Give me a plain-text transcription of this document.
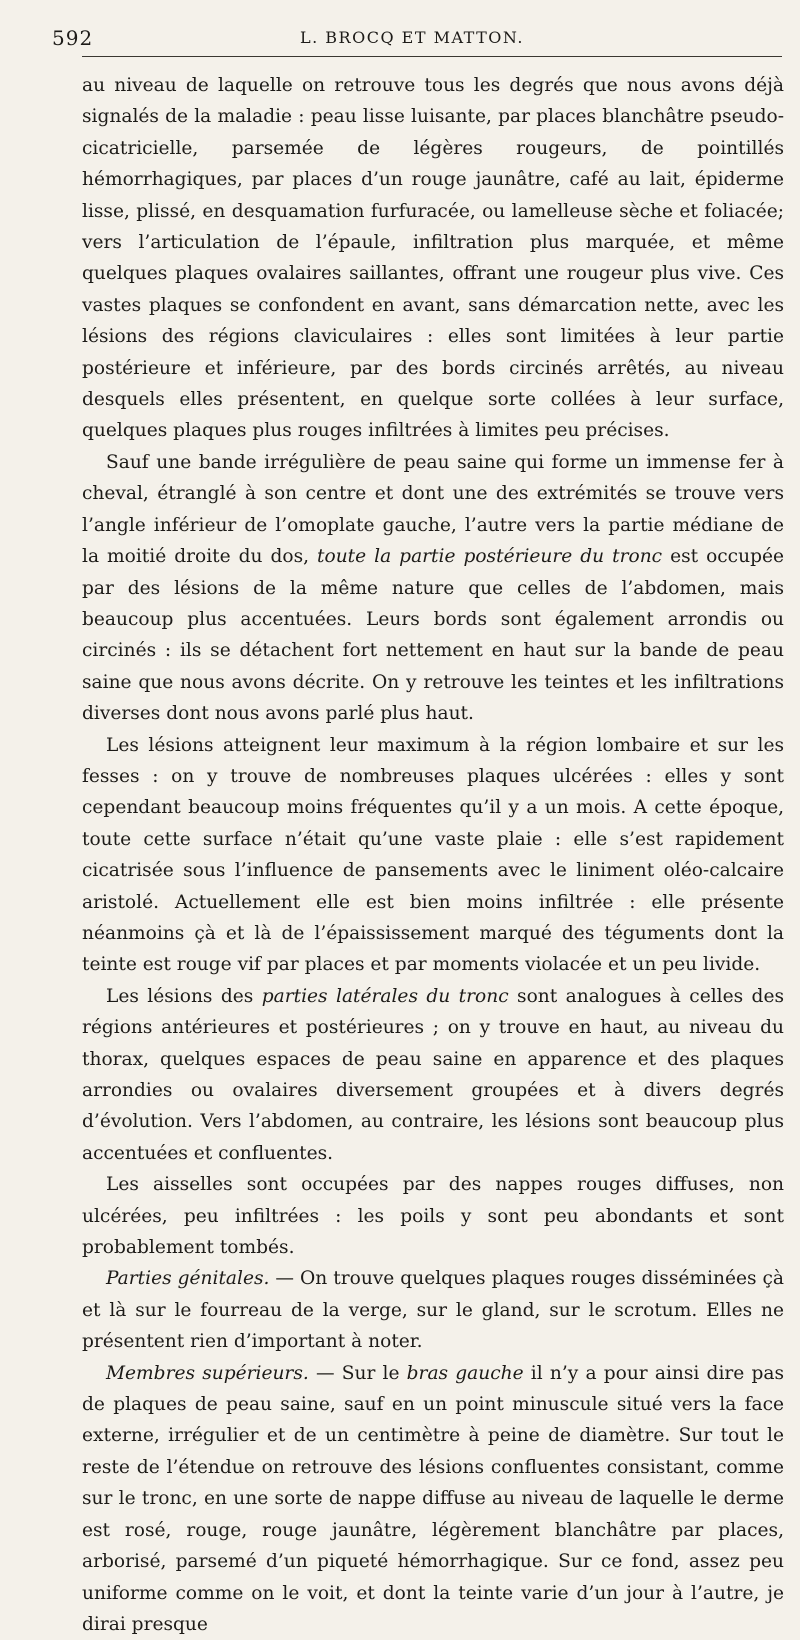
592	L. BROCQ ET MATTON.

au niveau de laquelle on retrouve tous les degrés que nous avons déjà signalés de la maladie : peau lisse luisante, par places blanchâtre pseudo-cicatricielle, parsemée de légères rougeurs, de pointillés hémorrhagiques, par places d’un rouge jaunâtre, café au lait, épiderme lisse, plissé, en desquamation furfuracée, ou lamelleuse sèche et foliacée; vers l’articulation de l’épaule, infiltration plus marquée, et même quelques plaques ovalaires saillantes, offrant une rougeur plus vive. Ces vastes plaques se confondent en avant, sans démarcation nette, avec les lésions des régions claviculaires : elles sont limitées à leur partie postérieure et inférieure, par des bords circinés arrêtés, au niveau desquels elles présentent, en quelque sorte collées à leur surface, quelques plaques plus rouges infiltrées à limites peu précises.

Sauf une bande irrégulière de peau saine qui forme un immense fer à cheval, étranglé à son centre et dont une des extrémités se trouve vers l’angle inférieur de l’omoplate gauche, l’autre vers la partie médiane de la moitié droite du dos, toute la partie postérieure du tronc est occupée par des lésions de la même nature que celles de l’abdomen, mais beaucoup plus accentuées. Leurs bords sont également arrondis ou circinés : ils se détachent fort nettement en haut sur la bande de peau saine que nous avons décrite. On y retrouve les teintes et les infiltrations diverses dont nous avons parlé plus haut.

Les lésions atteignent leur maximum à la région lombaire et sur les fesses : on y trouve de nombreuses plaques ulcérées : elles y sont cependant beaucoup moins fréquentes qu’il y a un mois. A cette époque, toute cette surface n’était qu’une vaste plaie : elle s’est rapidement cicatrisée sous l’influence de pansements avec le liniment oléo-calcaire aristolé. Actuellement elle est bien moins infiltrée : elle présente néanmoins çà et là de l’épaississement marqué des téguments dont la teinte est rouge vif par places et par moments violacée et un peu livide.

Les lésions des parties latérales du tronc sont analogues à celles des régions antérieures et postérieures ; on y trouve en haut, au niveau du thorax, quelques espaces de peau saine en apparence et des plaques arrondies ou ovalaires diversement groupées et à divers degrés d’évolution. Vers l’abdomen, au contraire, les lésions sont beaucoup plus accentuées et confluentes.

Les aisselles sont occupées par des nappes rouges diffuses, non ulcérées, peu infiltrées : les poils y sont peu abondants et sont probablement tombés.

Parties génitales. — On trouve quelques plaques rouges disséminées çà et là sur le fourreau de la verge, sur le gland, sur le scrotum. Elles ne présentent rien d’important à noter.

Membres supérieurs. — Sur le bras gauche il n’y a pour ainsi dire pas de plaques de peau saine, sauf en un point minuscule situé vers la face externe, irrégulier et de un centimètre à peine de diamètre. Sur tout le reste de l’étendue on retrouve des lésions confluentes consistant, comme sur le tronc, en une sorte de nappe diffuse au niveau de laquelle le derme est rosé, rouge, rouge jaunâtre, légèrement blanchâtre par places, arborisé, parsemé d’un piqueté hémorrhagique. Sur ce fond, assez peu uniforme comme on le voit, et dont la teinte varie d’un jour à l’autre, je dirai presque
